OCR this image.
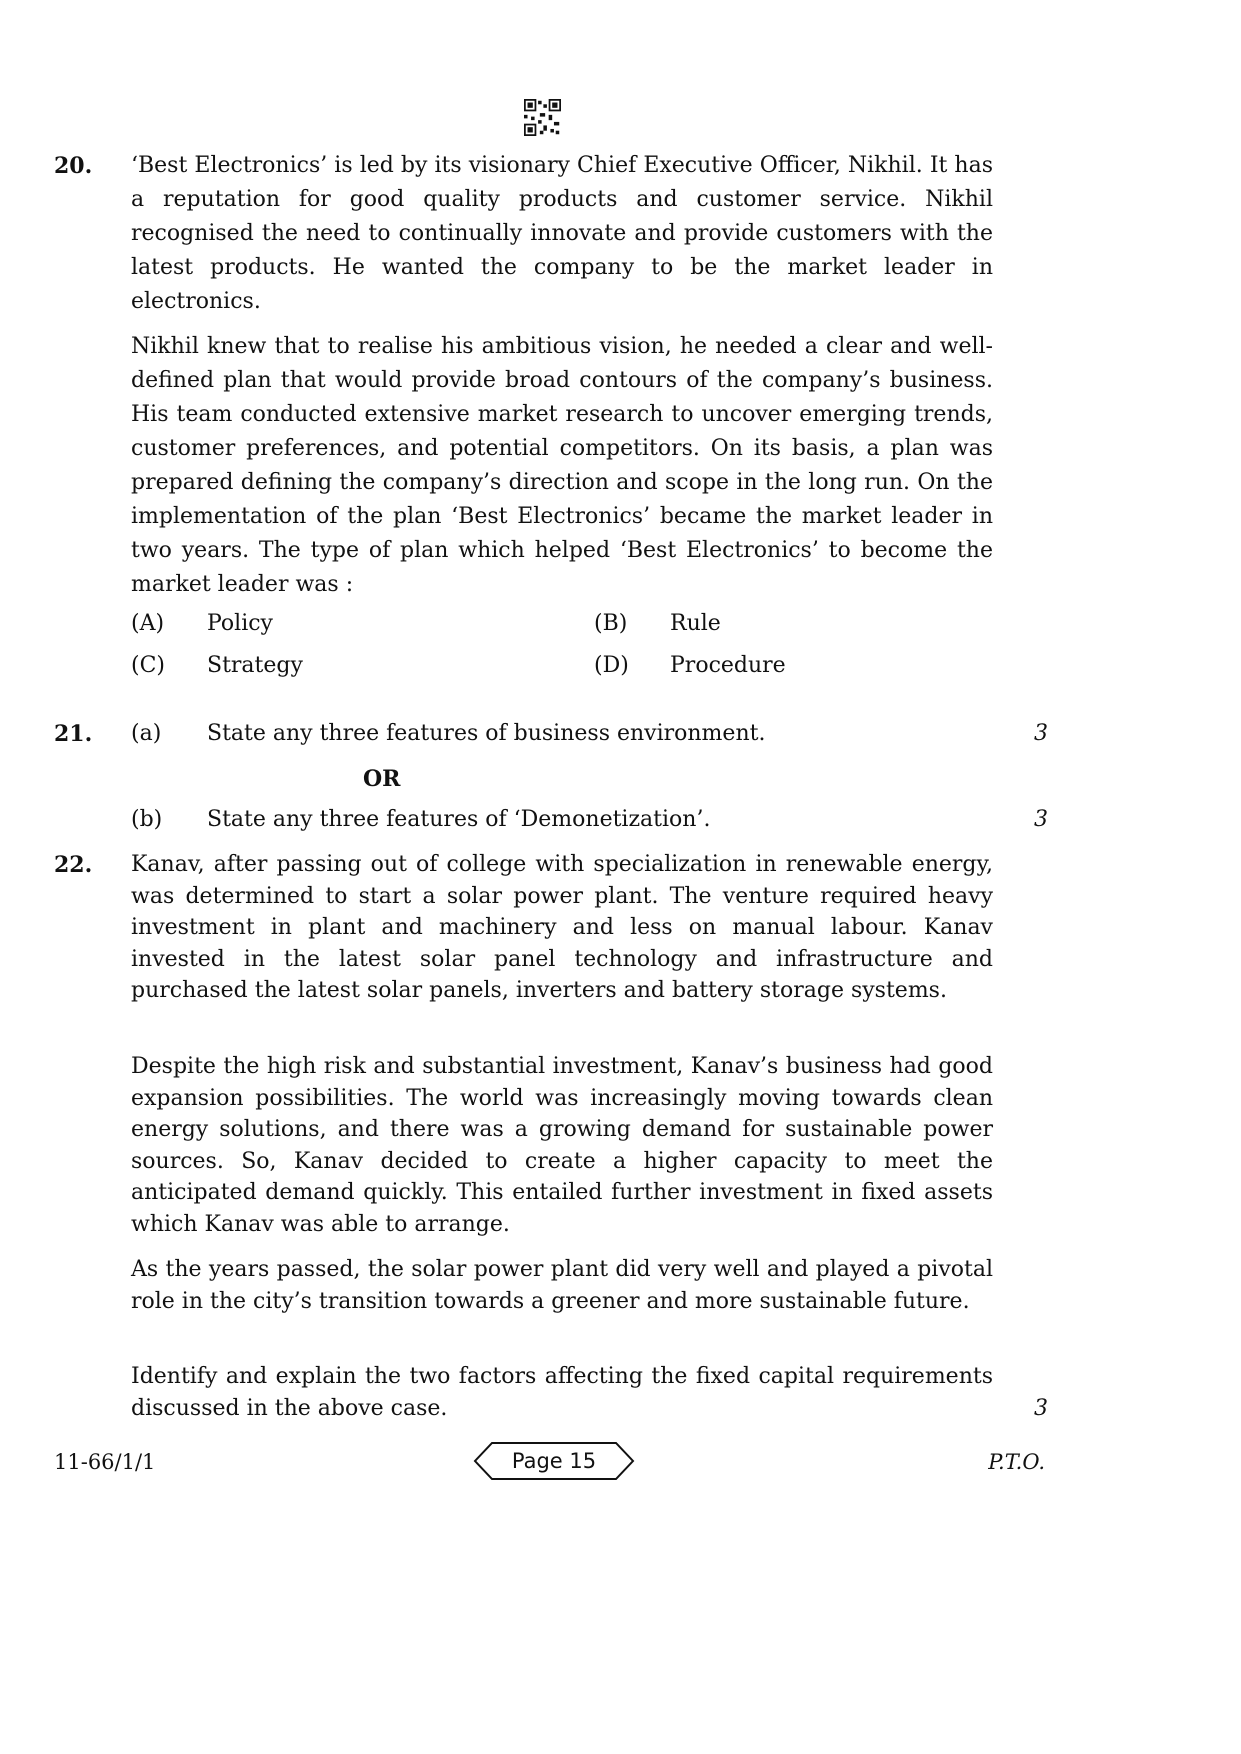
20. ‘Best Electronics’ is led by its visionary Chief Executive Officer, Nikhil. It has a reputation for good quality products and customer service. Nikhil recognised the need to continually innovate and provide customers with the latest products. He wanted the company to be the market leader in electronics.

Nikhil knew that to realise his ambitious vision, he needed a clear and well-defined plan that would provide broad contours of the company’s business. His team conducted extensive market research to uncover emerging trends, customer preferences, and potential competitors. On its basis, a plan was prepared defining the company’s direction and scope in the long run. On the implementation of the plan ‘Best Electronics’ became the market leader in two years. The type of plan which helped ‘Best Electronics’ to become the market leader was :

(A)	Policy	(B)	Rule
(C)	Strategy	(D)	Procedure
21. (a) State any three features of business environment.	3
OR
(b) State any three features of ‘Demonetization’.	3
22. Kanav, after passing out of college with specialization in renewable energy, was determined to start a solar power plant. The venture required heavy investment in plant and machinery and less on manual labour. Kanav invested in the latest solar panel technology and infrastructure and purchased the latest solar panels, inverters and battery storage systems.

Despite the high risk and substantial investment, Kanav’s business had good expansion possibilities. The world was increasingly moving towards clean energy solutions, and there was a growing demand for sustainable power sources. So, Kanav decided to create a higher capacity to meet the anticipated demand quickly. This entailed further investment in fixed assets which Kanav was able to arrange.

As the years passed, the solar power plant did very well and played a pivotal role in the city’s transition towards a greener and more sustainable future.

Identify and explain the two factors affecting the fixed capital requirements discussed in the above case.	3
11-66/1/1	Page 15	P.T.O.
